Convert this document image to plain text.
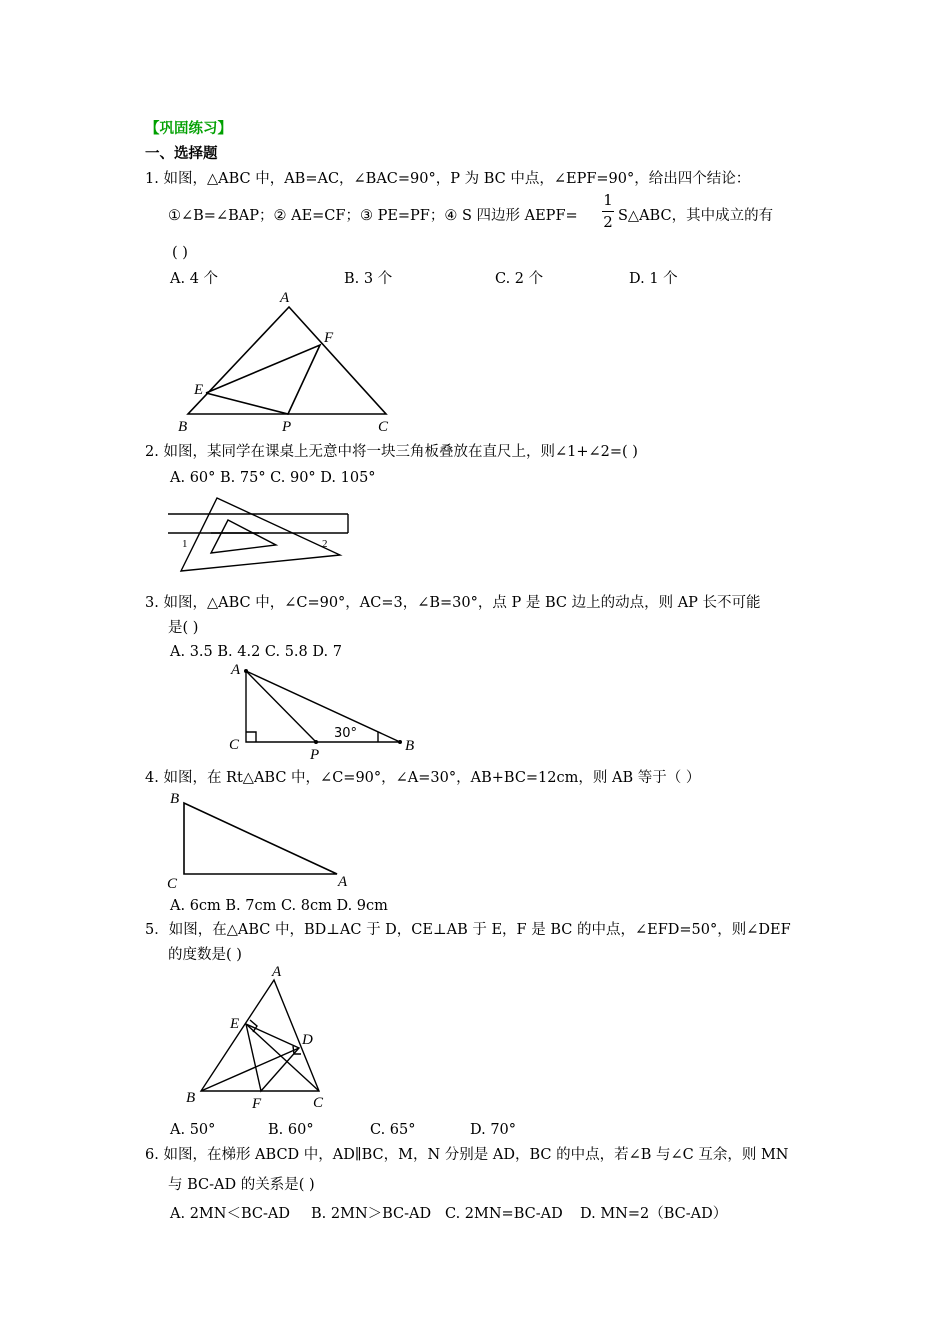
【巩固练习】
一、选择题
1. 如图，△ABC 中，AB=AC，∠BAC=90°，P 为 BC 中点，∠EPF=90°，给出四个结论：
①∠B=∠BAP；② AE=CF；③ PE=PF；④ S 四边形 AEPF=
1
2 S△ABC，其中成立的有
( )
A. 4 个	B. 3 个	C. 2 个	D. 1 个
A
B	C
E
F
P
2. 如图，某同学在课桌上无意中将一块三角板叠放在直尺上，则∠1+∠2=( )
A. 60° B. 75° C. 90° D. 105°
1	2
3. 如图，△ABC 中，∠C=90°，AC=3，∠B=30°，点 P 是 BC 边上的动点，则 AP 长不可能
是( )
A. 3.5 B. 4.2 C. 5.8 D. 7
A
C	B
P
30°
4. 如图，在 Rt△ABC 中，∠C=90°，∠A=30°，AB+BC=12cm，则 AB 等于（ ）
B
C	A
A. 6cm B. 7cm C. 8cm D. 9cm
5．如图，在△ABC 中，BD⊥AC 于 D，CE⊥AB 于 E，F 是 BC 的中点，∠EFD=50°，则∠DEF
的度数是( )
A
E
D
B	F	C
A. 50°	B. 60°	C. 65°	D. 70°
6. 如图，在梯形 ABCD 中，AD∥BC，M，N 分别是 AD，BC 的中点，若∠B 与∠C 互余，则 MN
与 BC-AD 的关系是( )
A. 2MN＜BC-AD B. 2MN＞BC-AD C. 2MN=BC-AD D. MN=2（BC-AD）
